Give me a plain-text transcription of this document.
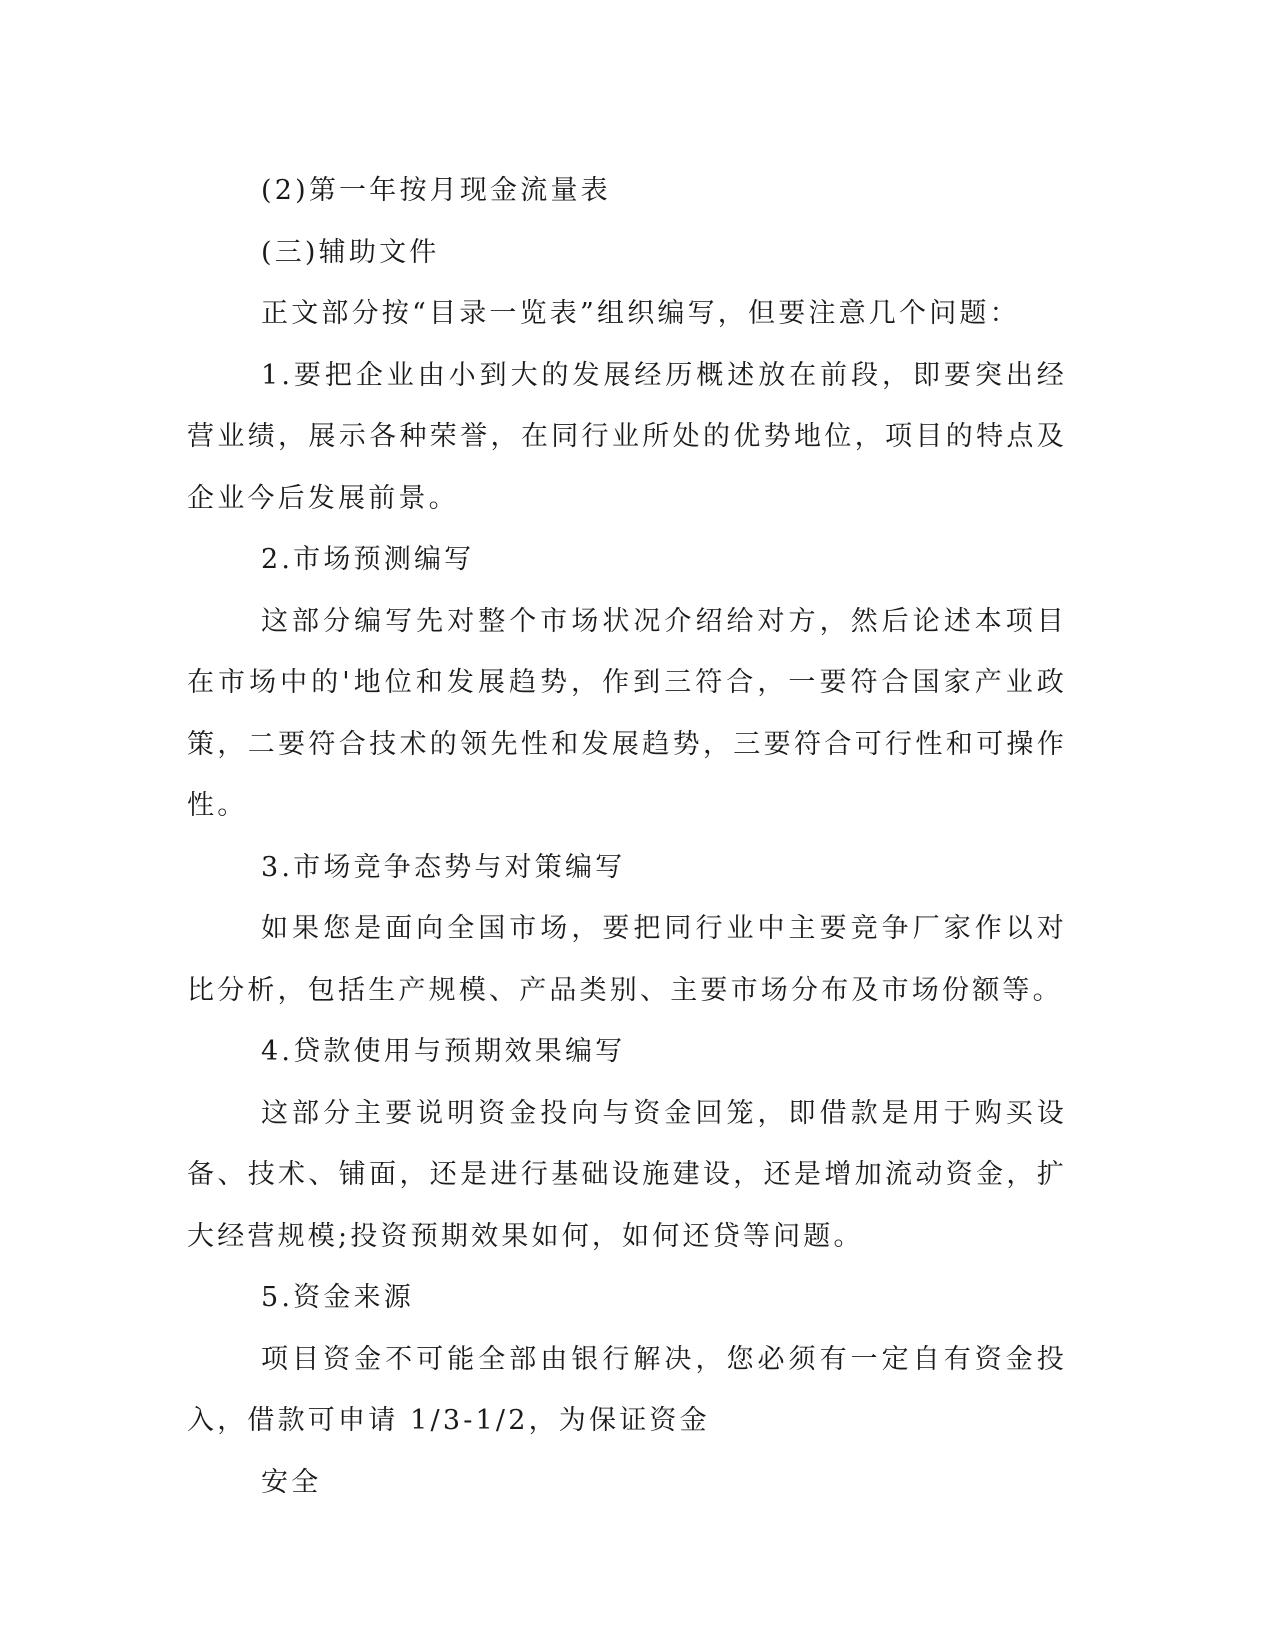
(2)第一年按月现金流量表

(三)辅助文件

正文部分按“目录一览表”组织编写，但要注意几个问题：

1.要把企业由小到大的发展经历概述放在前段，即要突出经营业绩，展示各种荣誉，在同行业所处的优势地位，项目的特点及企业今后发展前景。

2.市场预测编写

这部分编写先对整个市场状况介绍给对方，然后论述本项目在市场中的'地位和发展趋势，作到三符合，一要符合国家产业政策，二要符合技术的领先性和发展趋势，三要符合可行性和可操作性。

3.市场竞争态势与对策编写

如果您是面向全国市场，要把同行业中主要竞争厂家作以对比分析，包括生产规模、产品类别、主要市场分布及市场份额等。

4.贷款使用与预期效果编写

这部分主要说明资金投向与资金回笼，即借款是用于购买设备、技术、铺面，还是进行基础设施建设，还是增加流动资金，扩大经营规模;投资预期效果如何，如何还贷等问题。

5.资金来源

项目资金不可能全部由银行解决，您必须有一定自有资金投入，借款可申请 1/3-1/2，为保证资金

安全
